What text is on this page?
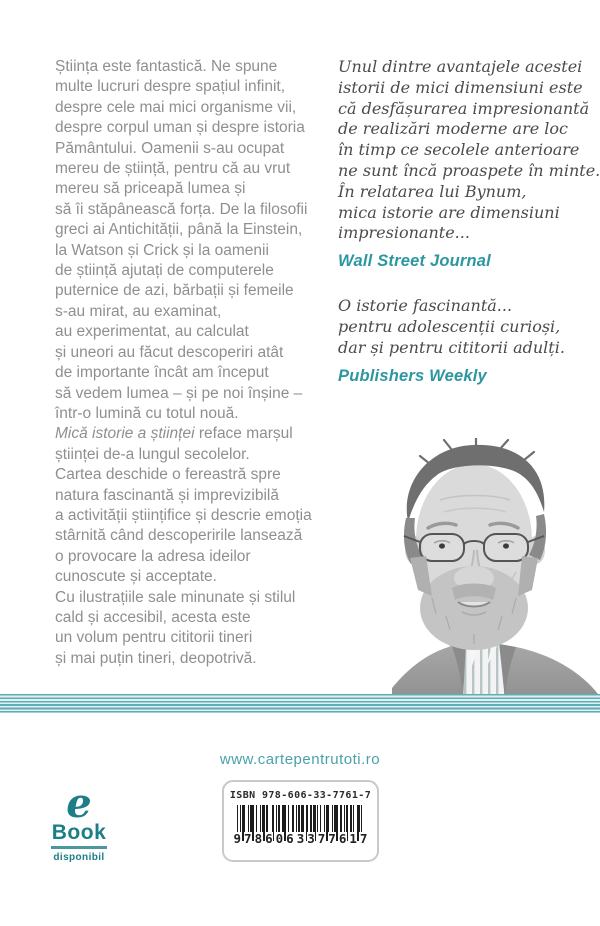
Știința este fantastică. Ne spune
multe lucruri despre spațiul infinit,
despre cele mai mici organisme vii,
despre corpul uman și despre istoria
Pământului. Oamenii s-au ocupat
mereu de știință, pentru că au vrut
mereu să priceapă lumea și
să îi stăpânească forța. De la filosofii
greci ai Antichității, până la Einstein,
la Watson și Crick și la oamenii
de știință ajutați de computerele
puternice de azi, bărbații și femeile
s-au mirat, au examinat,
au experimentat, au calculat
și uneori au făcut descoperiri atât
de importante încât am început
să vedem lumea – și pe noi înșine –
într-o lumină cu totul nouă.
Mică istorie a științei reface marșul
științei de-a lungul secolelor.
Cartea deschide o fereastră spre
natura fascinantă și imprevizibilă
a activității științifice și descrie emoția
stârnită când descoperirile lansează
o provocare la adresa ideilor
cunoscute și acceptate.
Cu ilustrațiile sale minunate și stilul
cald și accesibil, acesta este
un volum pentru cititorii tineri
și mai puțin tineri, deopotrivă.
Unul dintre avantajele acestei
istorii de mici dimensiuni este
că desfășurarea impresionantă
de realizări moderne are loc
în timp ce secolele anterioare
ne sunt încă proaspete în minte.
În relatarea lui Bynum,
mica istorie are dimensiuni
impresionante...
Wall Street Journal
O istorie fascinantă...
pentru adolescenții curioși,
dar și pentru cititorii adulți.
Publishers Weekly
www.cartepentrutoti.ro
e
Book
disponibil
ISBN 978-606-33-7761-7
9 7 8 6 0 6 3 3 7 7 6 1 7
